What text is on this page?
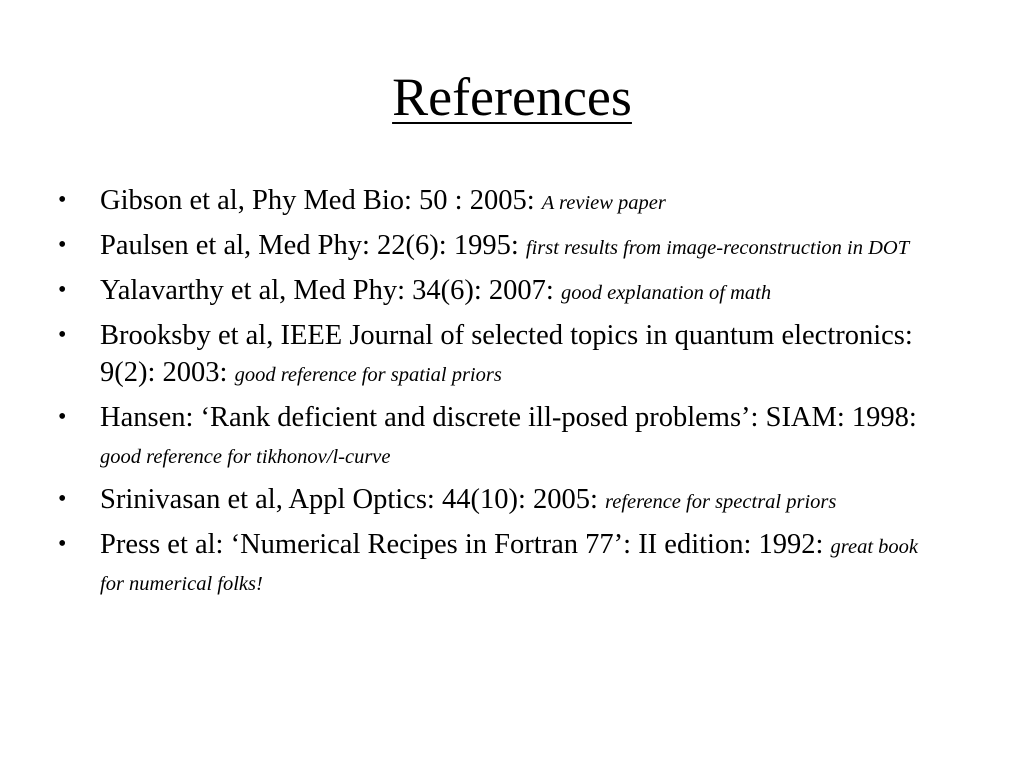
References
• Gibson et al, Phy Med Bio: 50 : 2005: A review paper
• Paulsen et al, Med Phy: 22(6): 1995: first results from image-reconstruction in DOT
• Yalavarthy et al, Med Phy: 34(6): 2007: good explanation of math
• Brooksby et al, IEEE Journal of selected topics in quantum electronics: 9(2): 2003: good reference for spatial priors
• Hansen: ‘Rank deficient and discrete ill-posed problems’: SIAM: 1998: good reference for tikhonov/l-curve
• Srinivasan et al, Appl Optics: 44(10): 2005: reference for spectral priors
• Press et al: ‘Numerical Recipes in Fortran 77’: II edition: 1992: great book for numerical folks!
